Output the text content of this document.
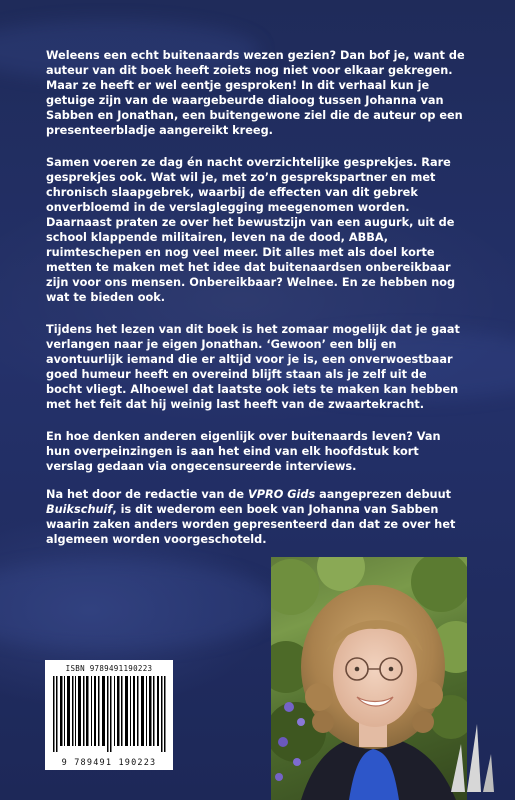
Weleens een echt buitenaards wezen gezien? Dan bof je, want de auteur van dit boek heeft zoiets nog niet voor elkaar gekregen. Maar ze heeft er wel eentje gesproken! In dit verhaal kun je getuige zijn van de waargebeurde dialoog tussen Johanna van Sabben en Jonathan, een buitengewone ziel die de auteur op een presenteerbladje aangereikt kreeg.

Samen voeren ze dag én nacht overzichtelijke gesprekjes. Rare gesprekjes ook. Wat wil je, met zo’n gesprekspartner en met chronisch slaapgebrek, waarbij de effecten van dit gebrek onverbloemd in de verslaglegging meegenomen worden. Daarnaast praten ze over het bewustzijn van een augurk, uit de school klappende militairen, leven na de dood, ABBA, ruimteschepen en nog veel meer. Dit alles met als doel korte metten te maken met het idee dat buitenaardsen onbereikbaar zijn voor ons mensen. Onbereikbaar? Welnee. En ze hebben nog wat te bieden ook.

Tijdens het lezen van dit boek is het zomaar mogelijk dat je gaat verlangen naar je eigen Jonathan. ‘Gewoon’ een blij en avontuurlijk iemand die er altijd voor je is, een onverwoestbaar goed humeur heeft en overeind blijft staan als je zelf uit de bocht vliegt. Alhoewel dat laatste ook iets te maken kan hebben met het feit dat hij weinig last heeft van de zwaartekracht.

En hoe denken anderen eigenlijk over buitenaards leven? Van hun overpeinzingen is aan het eind van elk hoofdstuk kort verslag gedaan via ongecensureerde interviews.

Na het door de redactie van de VPRO Gids aangeprezen debuut Buikschuif, is dit wederom een boek van Johanna van Sabben waarin zaken anders worden gepresenteerd dan dat ze over het algemeen worden voorgeschoteld.

ISBN 9789491190223
9 789491 190223
